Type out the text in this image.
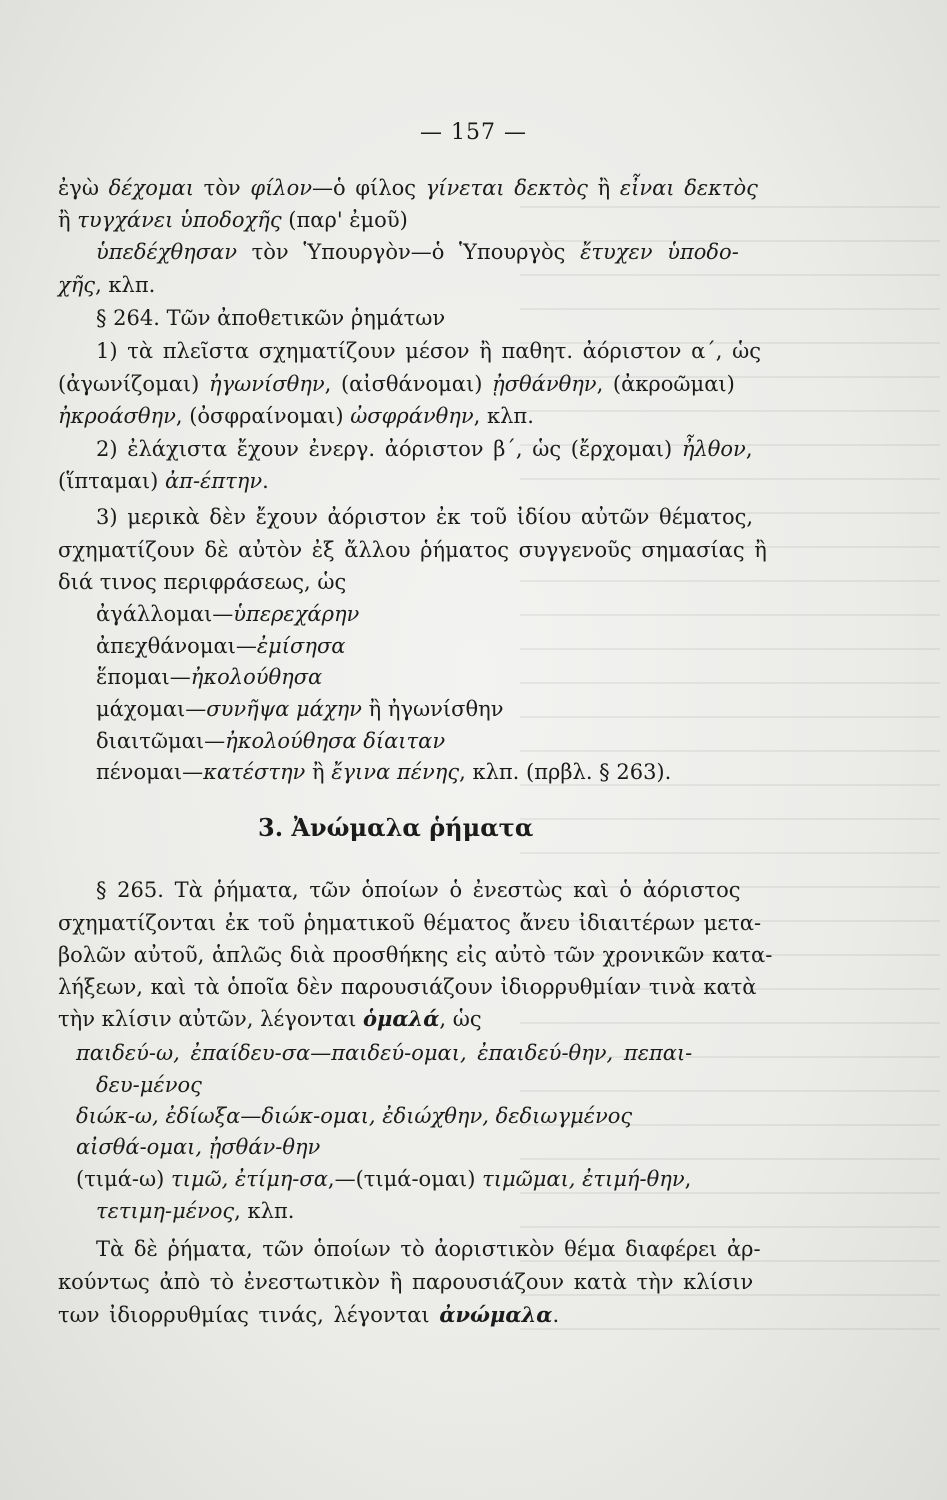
— 157 —
ἐγὼ δέχομαι τὸν φίλον—ὁ φίλος γίνεται δεκτὸς ἢ εἶναι δεκτὸς
ἢ τυγχάνει ὑποδοχῆς (παρ' ἐμοῦ)
ὑπεδέχθησαν τὸν Ὑπουργὸν—ὁ Ὑπουργὸς ἔτυχεν ὑποδο-
χῆς, κλπ.
§ 264. Τῶν ἀποθετικῶν ῥημάτων
1) τὰ πλεῖστα σχηματίζουν μέσον ἢ παθητ. ἀόριστον α΄, ὡς
(ἀγωνίζομαι) ἠγωνίσθην, (αἰσθάνομαι) ᾐσθάνθην, (ἀκροῶμαι)
ἠκροάσθην, (ὀσφραίνομαι) ὠσφράνθην, κλπ.
2) ἐλάχιστα ἔχουν ἐνεργ. ἀόριστον β΄, ὡς (ἔρχομαι) ἦλθον,
(ἵπταμαι) ἀπ-έπτην.
3) μερικὰ δὲν ἔχουν ἀόριστον ἐκ τοῦ ἰδίου αὐτῶν θέματος,
σχηματίζουν δὲ αὐτὸν ἐξ ἄλλου ῥήματος συγγενοῦς σημασίας ἢ
διά τινος περιφράσεως, ὡς
ἀγάλλομαι—ὑπερεχάρην
ἀπεχθάνομαι—ἐμίσησα
ἕπομαι—ἠκολούθησα
μάχομαι—συνῆψα μάχην ἢ ἠγωνίσθην
διαιτῶμαι—ἠκολούθησα δίαιταν
πένομαι—κατέστην ἢ ἔγινα πένης, κλπ. (πρβλ. § 263).
3. Ἀνώμαλα ῥήματα
§ 265. Τὰ ῥήματα, τῶν ὁποίων ὁ ἐνεστὼς καὶ ὁ ἀόριστος
σχηματίζονται ἐκ τοῦ ῥηματικοῦ θέματος ἄνευ ἰδιαιτέρων μετα-
βολῶν αὐτοῦ, ἁπλῶς διὰ προσθήκης εἰς αὐτὸ τῶν χρονικῶν κατα-
λήξεων, καὶ τὰ ὁποῖα δὲν παρουσιάζουν ἰδιορρυθμίαν τινὰ κατὰ
τὴν κλίσιν αὐτῶν, λέγονται ὁμαλά, ὡς
παιδεύ-ω, ἐπαίδευ-σα—παιδεύ-ομαι, ἐπαιδεύ-θην, πεπαι-
δευ-μένος
διώκ-ω, ἐδίωξα—διώκ-ομαι, ἐδιώχθην, δεδιωγμένος
αἰσθά-ομαι, ᾐσθάν-θην
(τιμά-ω) τιμῶ, ἐτίμη-σα,—(τιμά-ομαι) τιμῶμαι, ἐτιμή-θην,
τετιμη-μένος, κλπ.
Τὰ δὲ ῥήματα, τῶν ὁποίων τὸ ἀοριστικὸν θέμα διαφέρει ἀρ-
κούντως ἀπὸ τὸ ἐνεστωτικὸν ἢ παρουσιάζουν κατὰ τὴν κλίσιν
των ἰδιορρυθμίας τινάς, λέγονται ἀνώμαλα.
